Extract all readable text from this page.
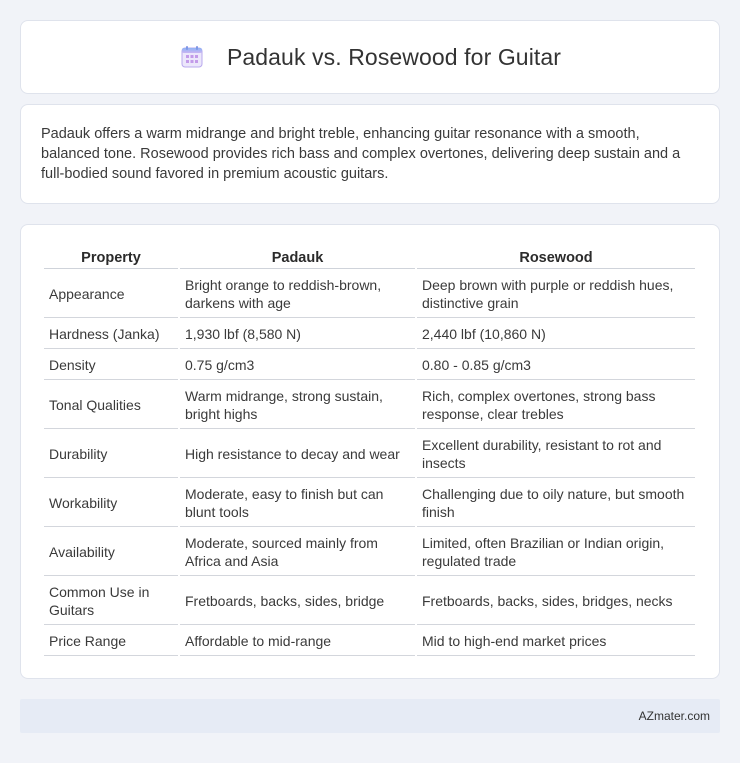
Padauk vs. Rosewood for Guitar

Padauk offers a warm midrange and bright treble, enhancing guitar resonance with a smooth, balanced tone. Rosewood provides rich bass and complex overtones, delivering deep sustain and a full-bodied sound favored in premium acoustic guitars.

Property	Padauk	Rosewood
Appearance	Bright orange to reddish-brown, darkens with age	Deep brown with purple or reddish hues, distinctive grain
Hardness (Janka)	1,930 lbf (8,580 N)	2,440 lbf (10,860 N)
Density	0.75 g/cm3	0.80 - 0.85 g/cm3
Tonal Qualities	Warm midrange, strong sustain, bright highs	Rich, complex overtones, strong bass response, clear trebles
Durability	High resistance to decay and wear	Excellent durability, resistant to rot and insects
Workability	Moderate, easy to finish but can blunt tools	Challenging due to oily nature, but smooth finish
Availability	Moderate, sourced mainly from Africa and Asia	Limited, often Brazilian or Indian origin, regulated trade
Common Use in Guitars	Fretboards, backs, sides, bridge	Fretboards, backs, sides, bridges, necks
Price Range	Affordable to mid-range	Mid to high-end market prices
AZmater.com
